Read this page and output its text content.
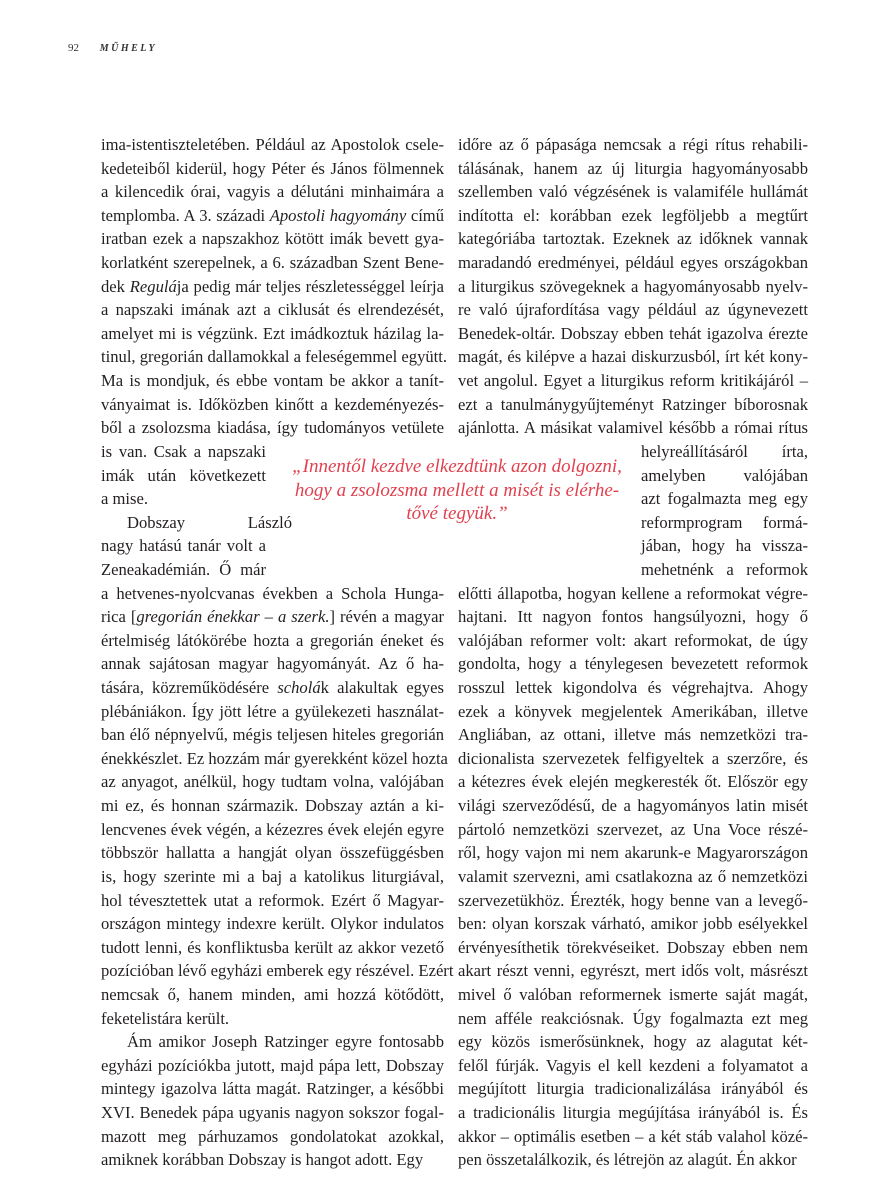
92 MŰHELY
ima-istentiszteletében. Például az Apostolok csele-
kedeteiből kiderül, hogy Péter és János fölmennek
a kilencedik órai, vagyis a délutáni minhaimára a
templomba. A 3. századi Apostoli hagyomány című
iratban ezek a napszakhoz kötött imák bevett gya-
korlatként szerepelnek, a 6. században Szent Bene-
dek Regulája pedig már teljes részletességgel leírja
a napszaki imának azt a ciklusát és elrendezését,
amelyet mi is végzünk. Ezt imádkoztuk házilag la-
tinul, gregorián dallamokkal a feleségemmel együtt.
Ma is mondjuk, és ebbe vontam be akkor a tanít-
ványaimat is. Időközben kinőtt a kezdeményezés-
ből a zsolozsma kiadása, így tudományos vetülete
is van. Csak a napszaki
imák után következett
a mise.
Dobszay László
nagy hatású tanár volt a
Zeneakadémián. Ő már
a hetvenes-nyolcvanas években a Schola Hunga-
rica [gregorián énekkar – a szerk.] révén a magyar
értelmiség látókörébe hozta a gregorián éneket és
annak sajátosan magyar hagyományát. Az ő ha-
tására, közreműködésére scholák alakultak egyes
plébániákon. Így jött létre a gyülekezeti használat-
ban élő népnyelvű, mégis teljesen hiteles gregorián
énekkészlet. Ez hozzám már gyerekként közel hozta
az anyagot, anélkül, hogy tudtam volna, valójában
mi ez, és honnan származik. Dobszay aztán a ki-
lencvenes évek végén, a kézezres évek elején egyre
többször hallatta a hangját olyan összefüggésben
is, hogy szerinte mi a baj a katolikus liturgiával,
hol tévesztettek utat a reformok. Ezért ő Magyar-
országon mintegy indexre került. Olykor indulatos
tudott lenni, és konfliktusba került az akkor vezető
pozícióban lévő egyházi emberek egy részével. Ezért
nemcsak ő, hanem minden, ami hozzá kötődött,
feketelistára került.
Ám amikor Joseph Ratzinger egyre fontosabb
egyházi pozíciókba jutott, majd pápa lett, Dobszay
mintegy igazolva látta magát. Ratzinger, a későbbi
XVI. Benedek pápa ugyanis nagyon sokszor fogal-
mazott meg párhuzamos gondolatokat azokkal,
amiknek korábban Dobszay is hangot adott. Egy
időre az ő pápasága nemcsak a régi rítus rehabili-
tálásának, hanem az új liturgia hagyományosabb
szellemben való végzésének is valamiféle hullámát
indította el: korábban ezek legföljebb a megtűrt
kategóriába tartoztak. Ezeknek az időknek vannak
maradandó eredményei, például egyes országokban
a liturgikus szövegeknek a hagyományosabb nyelv-
re való újrafordítása vagy például az úgynevezett
Benedek-oltár. Dobszay ebben tehát igazolva érezte
magát, és kilépve a hazai diskurzusból, írt két kony-
vet angolul. Egyet a liturgikus reform kritikájáról –
ezt a tanulmánygyűjteményt Ratzinger bíborosnak
ajánlotta. A másikat valamivel később a római rítus
helyreállításáról írta,
amelyben valójában
azt fogalmazta meg egy
reformprogram formá-
jában, hogy ha vissza-
mehetnénk a reformok
előtti állapotba, hogyan kellene a reformokat végre-
hajtani. Itt nagyon fontos hangsúlyozni, hogy ő
valójában reformer volt: akart reformokat, de úgy
gondolta, hogy a ténylegesen bevezetett reformok
rosszul lettek kigondolva és végrehajtva. Ahogy
ezek a könyvek megjelentek Amerikában, illetve
Angliában, az ottani, illetve más nemzetközi tra-
dicionalista szervezetek felfigyeltek a szerzőre, és
a kétezres évek elején megkeresték őt. Először egy
világi szerveződésű, de a hagyományos latin misét
pártoló nemzetközi szervezet, az Una Voce részé-
ről, hogy vajon mi nem akarunk-e Magyarországon
valamit szervezni, ami csatlakozna az ő nemzetközi
szervezetükhöz. Érezték, hogy benne van a levegő-
ben: olyan korszak várható, amikor jobb esélyekkel
érvényesíthetik törekvéseiket. Dobszay ebben nem
akart részt venni, egyrészt, mert idős volt, másrészt
mivel ő valóban reformernek ismerte saját magát,
nem afféle reakciósnak. Úgy fogalmazta ezt meg
egy közös ismerősünknek, hogy az alagutat két-
felől fúrják. Vagyis el kell kezdeni a folyamatot a
megújított liturgia tradicionalizálása irányából és
a tradicionális liturgia megújítása irányából is. És
akkor – optimális esetben – a két stáb valahol közé-
pen összetalálkozik, és létrejön az alagút. Én akkor
„Innentől kezdve elkezdtünk azon dolgozni,
hogy a zsolozsma mellett a misét is elérhe-
tővé tegyük.”
